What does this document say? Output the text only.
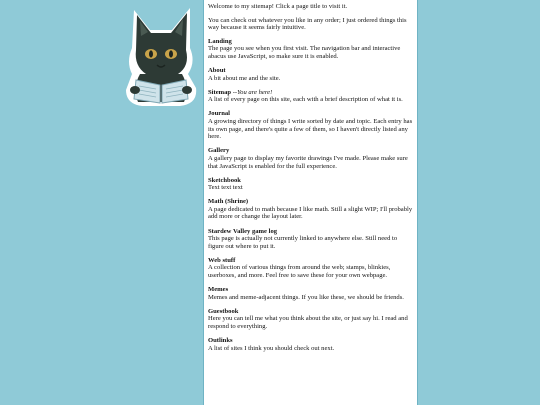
Welcome to my sitemap! Click a page title to visit it.

You can check out whatever you like in any order; I just ordered things this way because it seems fairly intuitive.

Landing
The page you see when you first visit. The navigation bar and interactive abacus use JavaScript, so make sure it is enabled.
About
A bit about me and the site.
Sitemap --You are here!
A list of every page on this site, each with a brief description of what it is.
Journal
A growing directory of things I write sorted by date and topic. Each entry has its own page, and there's quite a few of them, so I haven't directly listed any here.
Gallery
A gallery page to display my favorite drawings I've made. Please make sure that JavaScript is enabled for the full experience.
Sketchbook
Text text text
Math (Shrine)
A page dedicated to math because I like math. Still a slight WIP; I'll probably add more or change the layout later.
Stardew Valley game log
This page is actually not currently linked to anywhere else. Still need to figure out where to put it.
Web stuff
A collection of various things from around the web; stamps, blinkies, userboxes, and more. Feel free to save these for your own webpage.
Memes
Memes and meme-adjacent things. If you like these, we should be friends.
Guestbook
Here you can tell me what you think about the site, or just say hi. I read and respond to everything.
Outlinks
A list of sites I think you should check out next.
